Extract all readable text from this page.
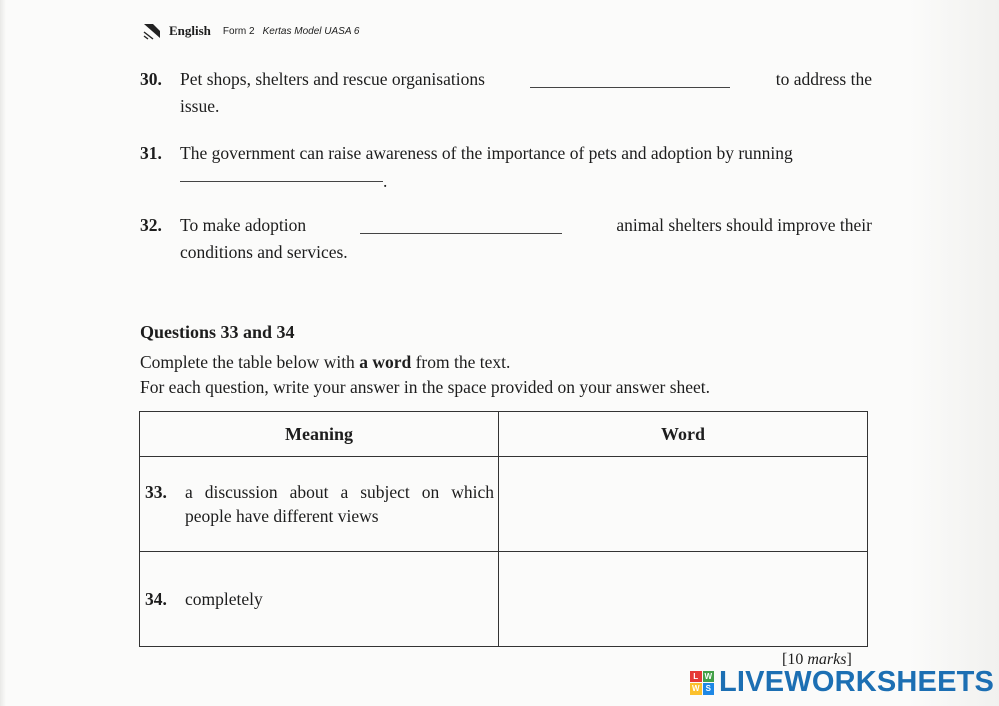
English Form 2 Kertas Model UASA 6
30. Pet shops, shelters and rescue organisations	to address the
issue.
31. The government can raise awareness of the importance of pets and adoption by running
.
32. To make adoption	animal shelters should improve their
conditions and services.
Questions 33 and 34
Complete the table below with a word from the text.
For each question, write your answer in the space provided on your answer sheet.
Meaning	Word

33. a discussion about a subject on which people have different views	

34. completely	

[10 marks]
L W
W S LIVEWORKSHEETS
